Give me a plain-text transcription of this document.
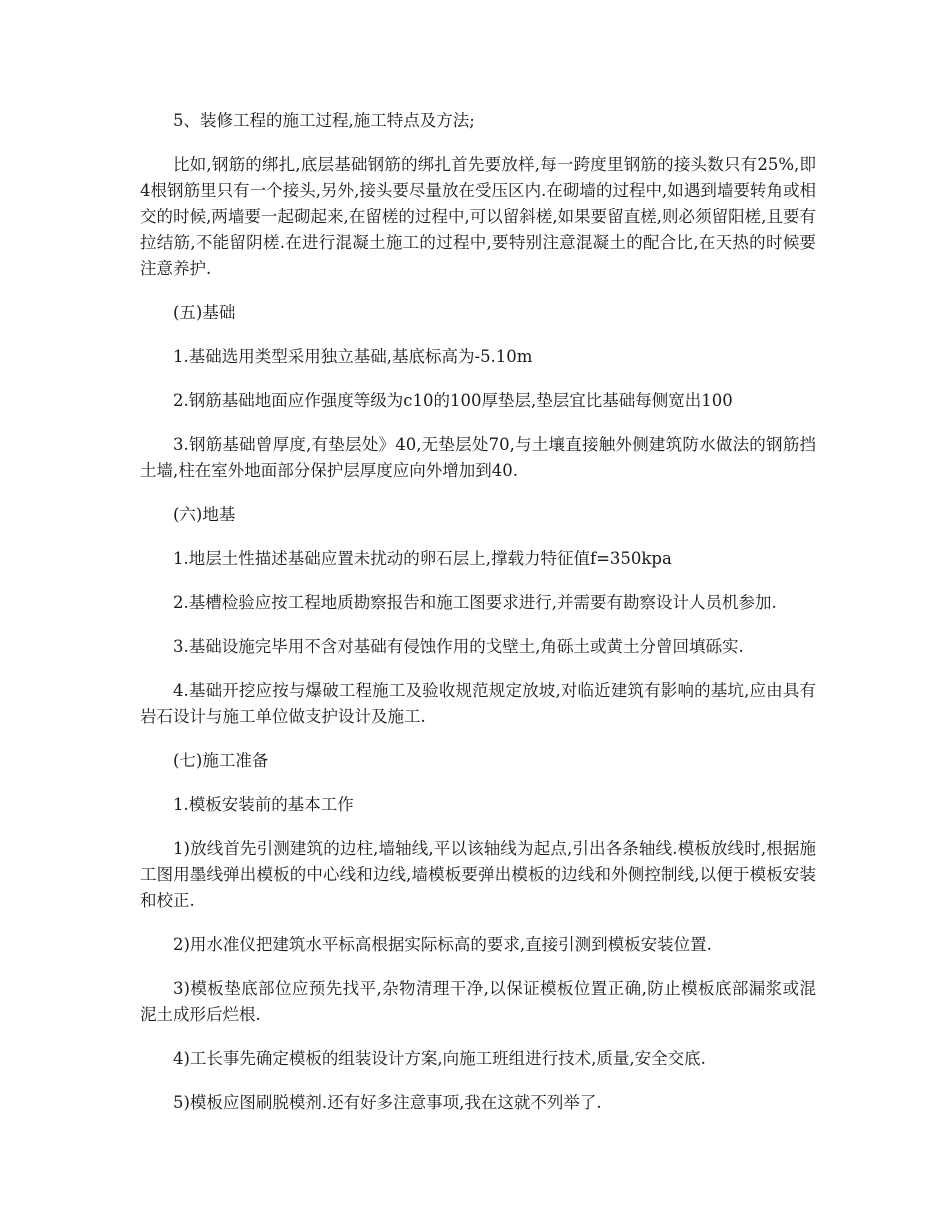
5、装修工程的施工过程,施工特点及方法;

比如,钢筋的绑扎,底层基础钢筋的绑扎首先要放样,每一跨度里钢筋的接头数只有25%,即4根钢筋里只有一个接头,另外,接头要尽量放在受压区内.在砌墙的过程中,如遇到墙要转角或相交的时候,两墙要一起砌起来,在留槎的过程中,可以留斜槎,如果要留直槎,则必须留阳槎,且要有拉结筋,不能留阴槎.在进行混凝土施工的过程中,要特别注意混凝土的配合比,在天热的时候要注意养护.

(五)基础

1.基础选用类型采用独立基础,基底标高为-5.10m

2.钢筋基础地面应作强度等级为c10的100厚垫层,垫层宜比基础每侧宽出100

3.钢筋基础曾厚度,有垫层处》40,无垫层处70,与土壤直接触外侧建筑防水做法的钢筋挡土墙,柱在室外地面部分保护层厚度应向外增加到40.

(六)地基

1.地层土性描述基础应置未扰动的卵石层上,撑载力特征值f=350kpa

2.基槽检验应按工程地质勘察报告和施工图要求进行,并需要有勘察设计人员机参加.

3.基础设施完毕用不含对基础有侵蚀作用的戈壁土,角砾土或黄土分曾回填砾实.

4.基础开挖应按与爆破工程施工及验收规范规定放坡,对临近建筑有影响的基坑,应由具有岩石设计与施工单位做支护设计及施工.

(七)施工准备

1.模板安装前的基本工作

1)放线首先引测建筑的边柱,墙轴线,平以该轴线为起点,引出各条轴线.模板放线时,根据施工图用墨线弹出模板的中心线和边线,墙模板要弹出模板的边线和外侧控制线,以便于模板安装和校正.

2)用水准仪把建筑水平标高根据实际标高的要求,直接引测到模板安装位置.

3)模板垫底部位应预先找平,杂物清理干净,以保证模板位置正确,防止模板底部漏浆或混泥土成形后烂根.

4)工长事先确定模板的组装设计方案,向施工班组进行技术,质量,安全交底.

5)模板应图刷脱模剂.还有好多注意事项,我在这就不列举了.
